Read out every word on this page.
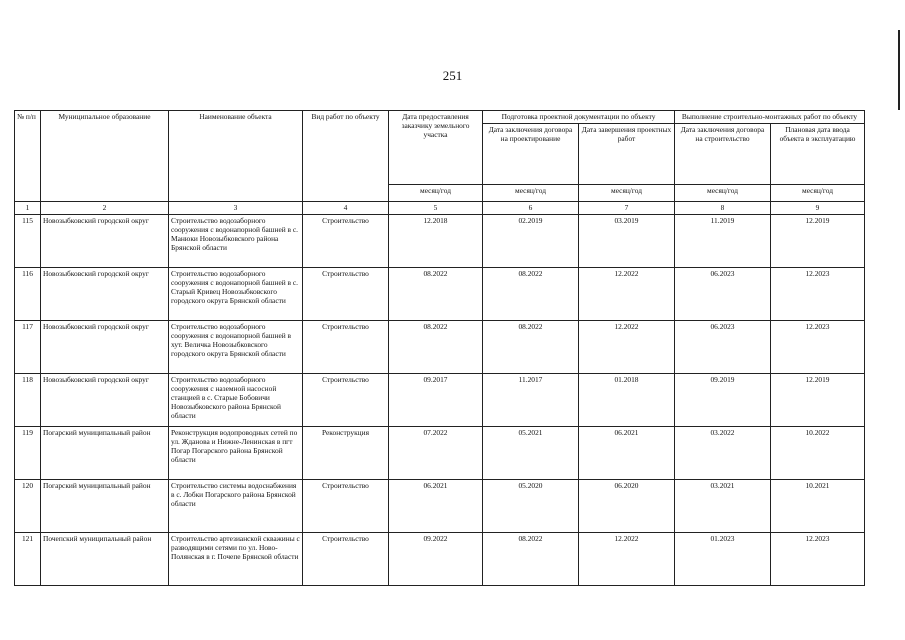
251
№ п/п	Муниципальное образование	Наименование объекта	Вид работ по объекту	Дата предоставления заказчику земельного участка	Подготовка проектной документации по объекту		Выполнение строительно-монтажных работ по объекту	
					Дата заключения договора на проектирование	Дата завершения проектных работ	Дата заключения договора на строительство	Плановая дата ввода объекта в эксплуатацию
				месяц/год	месяц/год	месяц/год	месяц/год	месяц/год
1	2	3	4	5	6	7	8	9
115	Новозыбковский городской округ	Строительство водозаборного сооружения с водонапорной башней в с. Манюки Новозыбковского района Брянской области	Строительство	12.2018	02.2019	03.2019	11.2019	12.2019
116	Новозыбковский городской округ	Строительство водозаборного сооружения с водонапорной башней в с. Старый Кривец Новозыбковского городского округа Брянской области	Строительство	08.2022	08.2022	12.2022	06.2023	12.2023
117	Новозыбковский городской округ	Строительство водозаборного сооружения с водонапорной башней в хут. Величка Новозыбковского городского округа Брянской области	Строительство	08.2022	08.2022	12.2022	06.2023	12.2023
118	Новозыбковский городской округ	Строительство водозаборного сооружения с наземной насосной станцией в с. Старые Бобовичи Новозыбковского района Брянской области	Строительство	09.2017	11.2017	01.2018	09.2019	12.2019
119	Погарский муниципальный район	Реконструкция водопроводных сетей по ул. Жданова и Нижне-Ленинская в пгт Погар Погарского района Брянской области	Реконструкция	07.2022	05.2021	06.2021	03.2022	10.2022
120	Погарский муниципальный район	Строительство системы водоснабжения в с. Лобки Погарского района Брянской области	Строительство	06.2021	05.2020	06.2020	03.2021	10.2021
121	Почепский муниципальный район	Строительство артезианской скважины с разводящими сетями по ул. Ново-Полянская в г. Почепе Брянской области	Строительство	09.2022	08.2022	12.2022	01.2023	12.2023
